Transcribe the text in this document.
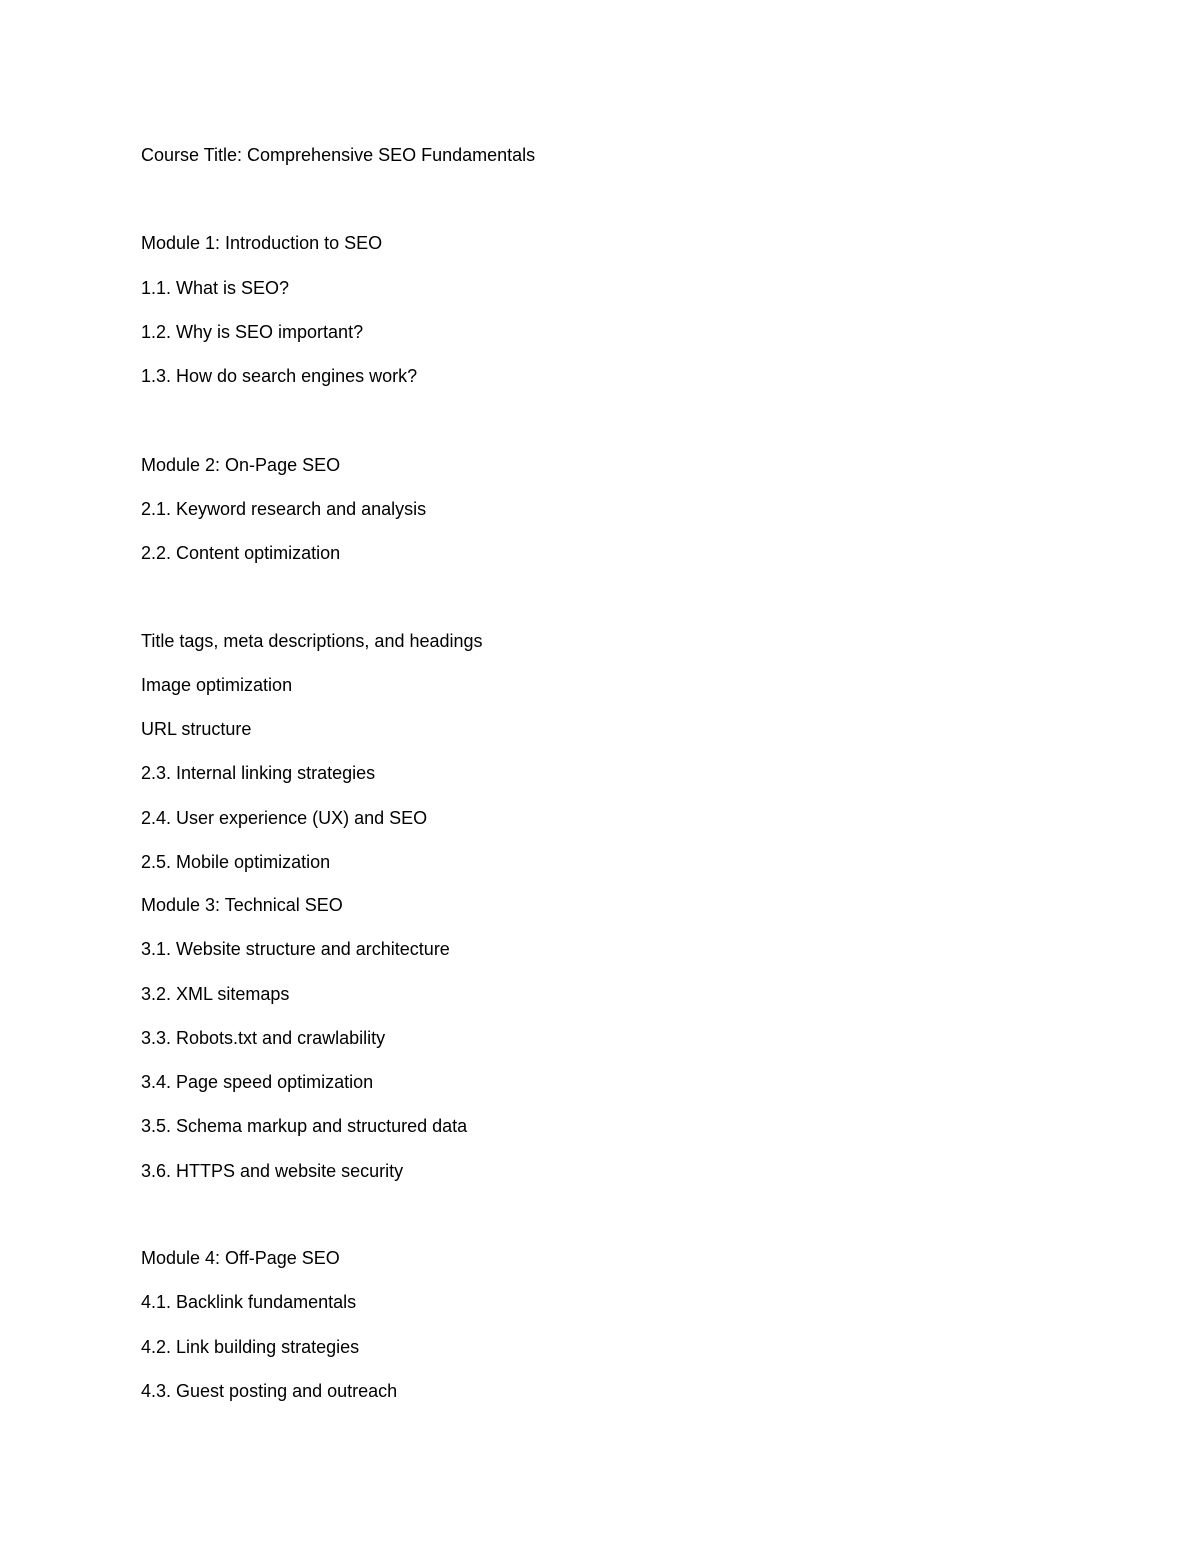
Course Title: Comprehensive SEO Fundamentals

Module 1: Introduction to SEO

1.1. What is SEO?

1.2. Why is SEO important?

1.3. How do search engines work?

Module 2: On-Page SEO

2.1. Keyword research and analysis

2.2. Content optimization

Title tags, meta descriptions, and headings

Image optimization

URL structure

2.3. Internal linking strategies

2.4. User experience (UX) and SEO

2.5. Mobile optimization

Module 3: Technical SEO

3.1. Website structure and architecture

3.2. XML sitemaps

3.3. Robots.txt and crawlability

3.4. Page speed optimization

3.5. Schema markup and structured data

3.6. HTTPS and website security

Module 4: Off-Page SEO

4.1. Backlink fundamentals

4.2. Link building strategies

4.3. Guest posting and outreach
